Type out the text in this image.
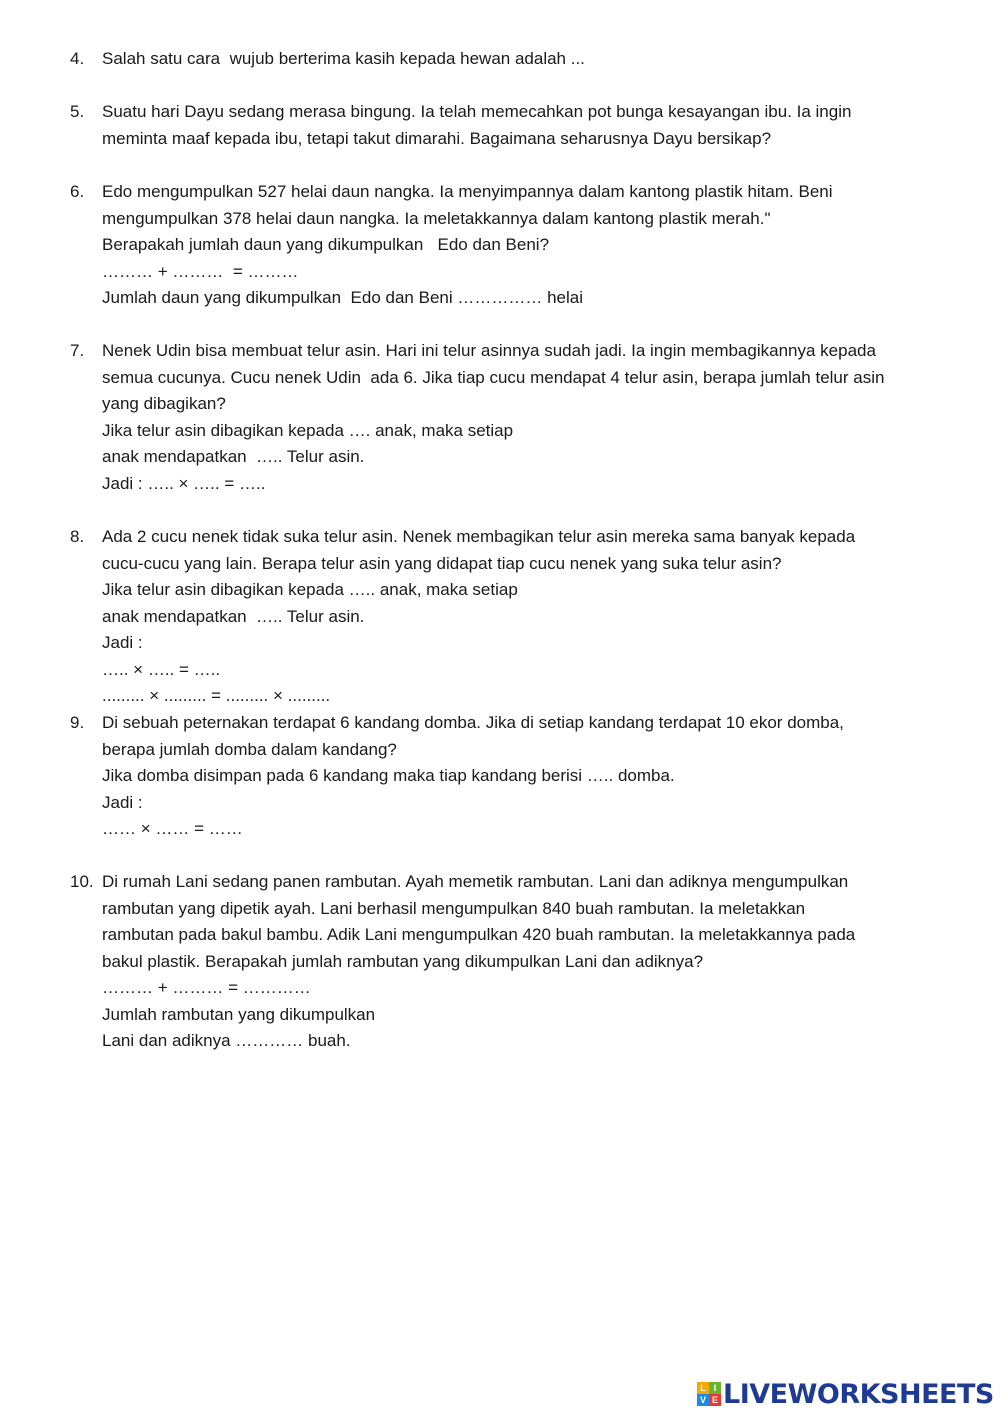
4. Salah satu cara  wujub berterima kasih kepada hewan adalah ...
5. Suatu hari Dayu sedang merasa bingung. Ia telah memecahkan pot bunga kesayangan ibu. Ia ingin
meminta maaf kepada ibu, tetapi takut dimarahi. Bagaimana seharusnya Dayu bersikap?
6. Edo mengumpulkan 527 helai daun nangka. Ia menyimpannya dalam kantong plastik hitam. Beni
mengumpulkan 378 helai daun nangka. Ia meletakkannya dalam kantong plastik merah."
Berapakah jumlah daun yang dikumpulkan   Edo dan Beni?
……… + ………  = ………
Jumlah daun yang dikumpulkan  Edo dan Beni …………… helai
7. Nenek Udin bisa membuat telur asin. Hari ini telur asinnya sudah jadi. Ia ingin membagikannya kepada
semua cucunya. Cucu nenek Udin  ada 6. Jika tiap cucu mendapat 4 telur asin, berapa jumlah telur asin
yang dibagikan?
Jika telur asin dibagikan kepada …. anak, maka setiap
anak mendapatkan  ….. Telur asin.
Jadi : ….. × ….. = …..
8. Ada 2 cucu nenek tidak suka telur asin. Nenek membagikan telur asin mereka sama banyak kepada
cucu-cucu yang lain. Berapa telur asin yang didapat tiap cucu nenek yang suka telur asin?
Jika telur asin dibagikan kepada ….. anak, maka setiap
anak mendapatkan  ….. Telur asin.
Jadi :
….. × ….. = …..
......... × ......... = ......... × .........
9. Di sebuah peternakan terdapat 6 kandang domba. Jika di setiap kandang terdapat 10 ekor domba,
berapa jumlah domba dalam kandang?
Jika domba disimpan pada 6 kandang maka tiap kandang berisi ….. domba.
Jadi :
…… × …… = ……
10. Di rumah Lani sedang panen rambutan. Ayah memetik rambutan. Lani dan adiknya mengumpulkan
rambutan yang dipetik ayah. Lani berhasil mengumpulkan 840 buah rambutan. Ia meletakkan
rambutan pada bakul bambu. Adik Lani mengumpulkan 420 buah rambutan. Ia meletakkannya pada
bakul plastik. Berapakah jumlah rambutan yang dikumpulkan Lani dan adiknya?
……… + ……… = …………
Jumlah rambutan yang dikumpulkan
Lani dan adiknya ………… buah.
L I
V E LIVEWORKSHEETS
